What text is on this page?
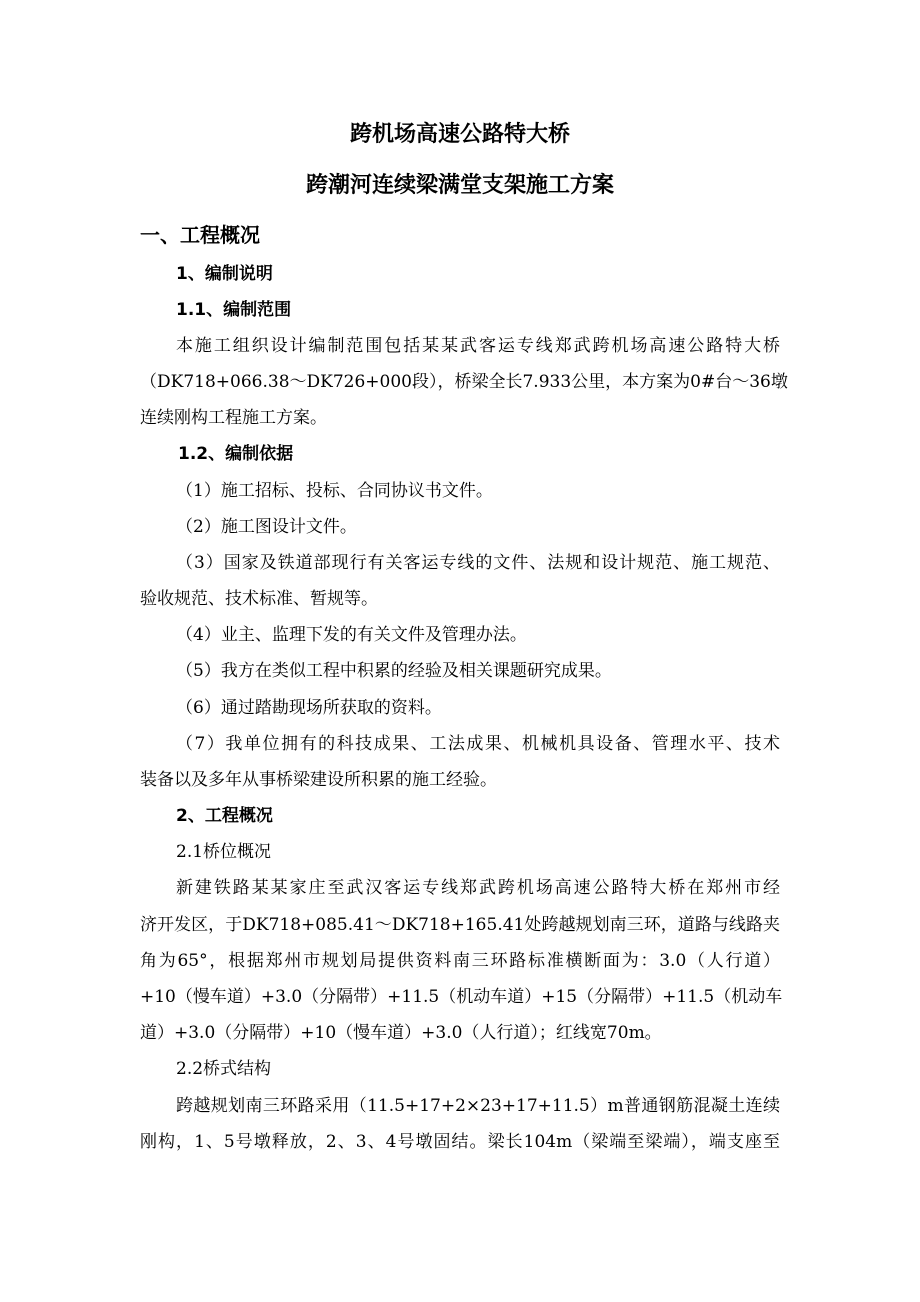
跨机场高速公路特大桥
跨潮河连续梁满堂支架施工方案
一、工程概况
1、编制说明
1.1、编制范围
本施工组织设计编制范围包括某某武客运专线郑武跨机场高速公路特大桥
（DK718+066.38～DK726+000段），桥梁全长7.933公里，本方案为0#台～36墩
连续刚构工程施工方案。
1.2、编制依据
（1）施工招标、投标、合同协议书文件。
（2）施工图设计文件。
（3）国家及铁道部现行有关客运专线的文件、法规和设计规范、施工规范、
验收规范、技术标准、暂规等。
（4）业主、监理下发的有关文件及管理办法。
（5）我方在类似工程中积累的经验及相关课题研究成果。
（6）通过踏勘现场所获取的资料。
（7）我单位拥有的科技成果、工法成果、机械机具设备、管理水平、技术
装备以及多年从事桥梁建设所积累的施工经验。
2、工程概况
2.1桥位概况
新建铁路某某家庄至武汉客运专线郑武跨机场高速公路特大桥在郑州市经
济开发区，于DK718+085.41～DK718+165.41处跨越规划南三环，道路与线路夹
角为65°，根据郑州市规划局提供资料南三环路标准横断面为：3.0（人行道）
+10（慢车道）+3.0（分隔带）+11.5（机动车道）+15（分隔带）+11.5（机动车
道）+3.0（分隔带）+10（慢车道）+3.0（人行道）；红线宽70m。
2.2桥式结构
跨越规划南三环路采用（11.5+17+2×23+17+11.5）m普通钢筋混凝土连续
刚构，1、5号墩释放，2、3、4号墩固结。梁长104m（梁端至梁端），端支座至
